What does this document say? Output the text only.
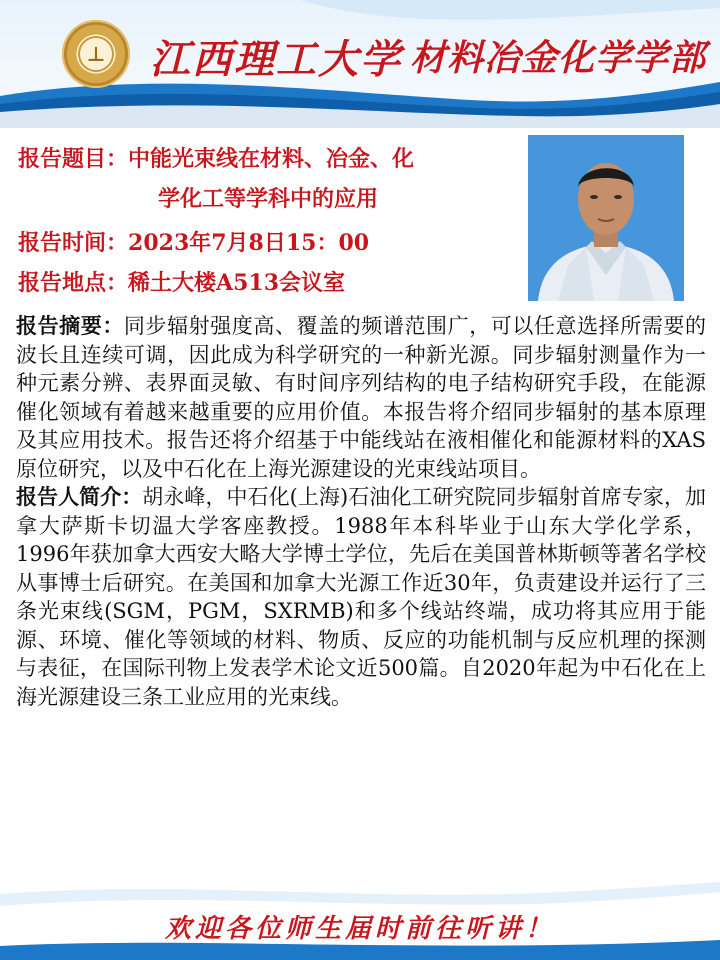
⊥ 江西理工大学 材料冶金化学学部
报告题目：中能光束线在材料、冶金、化
学化工等学科中的应用
报告时间：2023年7月8日15：00
报告地点：稀土大楼A513会议室

报告摘要：同步辐射强度高、覆盖的频谱范围广，可以任意选择所需要的波长且连续可调，因此成为科学研究的一种新光源。同步辐射测量作为一种元素分辨、表界面灵敏、有时间序列结构的电子结构研究手段，在能源催化领域有着越来越重要的应用价值。本报告将介绍同步辐射的基本原理及其应用技术。报告还将介绍基于中能线站在液相催化和能源材料的XAS原位研究，以及中石化在上海光源建设的光束线站项目。

报告人简介：胡永峰，中石化(上海)石油化工研究院同步辐射首席专家，加拿大萨斯卡切温大学客座教授。1988年本科毕业于山东大学化学系，1996年获加拿大西安大略大学博士学位，先后在美国普林斯顿等著名学校从事博士后研究。在美国和加拿大光源工作近30年，负责建设并运行了三条光束线(SGM，PGM，SXRMB)和多个线站终端，成功将其应用于能源、环境、催化等领域的材料、物质、反应的功能机制与反应机理的探测与表征，在国际刊物上发表学术论文近500篇。自2020年起为中石化在上海光源建设三条工业应用的光束线。

欢迎各位师生届时前往听讲！
